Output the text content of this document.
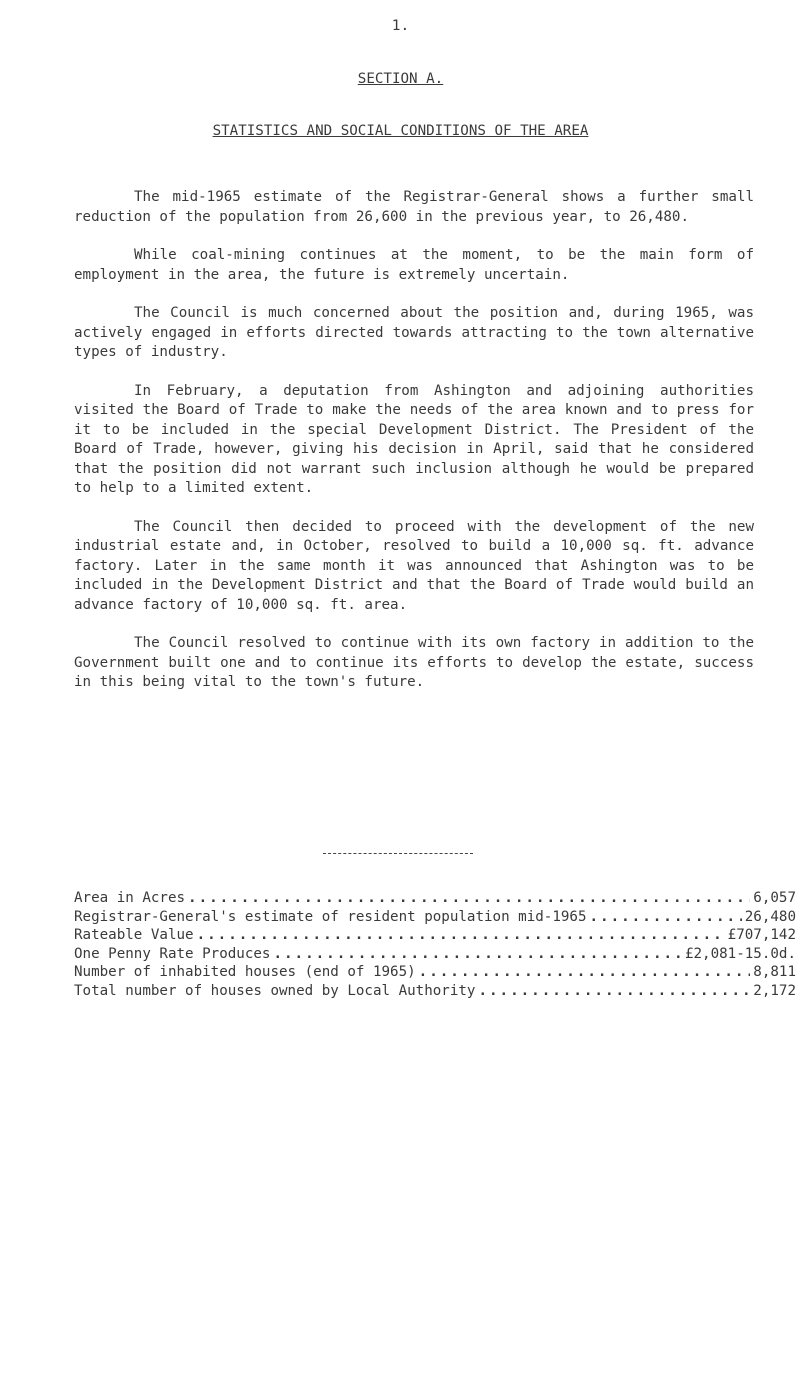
1.
SECTION A.
STATISTICS AND SOCIAL CONDITIONS OF THE AREA

The mid-1965 estimate of the Registrar-General shows a further small reduction of the population from 26,600 in the previous year, to 26,480.

While coal-mining continues at the moment, to be the main form of employment in the area, the future is extremely uncertain.

The Council is much concerned about the position and, during 1965, was actively engaged in efforts directed towards attracting to the town alternative types of industry.

In February, a deputation from Ashington and adjoining authorities visited the Board of Trade to make the needs of the area known and to press for it to be included in the special Development District. The President of the Board of Trade, however, giving his decision in April, said that he considered that the position did not warrant such inclusion although he would be prepared to help to a limited extent.

The Council then decided to proceed with the development of the new industrial estate and, in October, resolved to build a 10,000 sq. ft. advance factory. Later in the same month it was announced that Ashington was to be included in the Development District and that the Board of Trade would build an advance factory of 10,000 sq. ft. area.

The Council resolved to continue with its own factory in addition to the Government built one and to continue its efforts to develop the estate, success in this being vital to the town's future.

Area in Acres .....	6,057
Registrar-General's estimate of resident population mid-1965 .....	26,480
Rateable Value .....	£707,142
One Penny Rate Produces .....	£2,081-15.0d.
Number of inhabited houses (end of 1965) .....	8,811
Total number of houses owned by Local Authority .....	2,172
